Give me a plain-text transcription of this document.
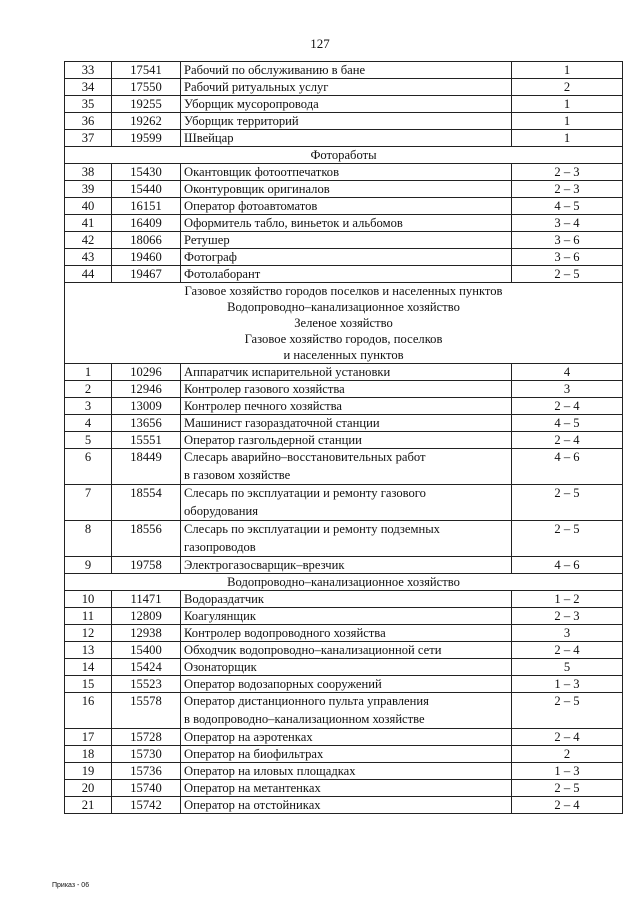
127
33	17541	Рабочий по обслуживанию в бане	1
34	17550	Рабочий ритуальных услуг	2
35	19255	Уборщик мусоропровода	1
36	19262	Уборщик территорий	1
37	19599	Швейцар	1

Фотоработы			

38	15430	Окантовщик фотоотпечатков	2 – 3
39	15440	Оконтуровщик оригиналов	2 – 3
40	16151	Оператор фотоавтоматов	4 – 5
41	16409	Оформитель табло, виньеток и альбомов	3 – 4
42	18066	Ретушер	3 – 6
43	19460	Фотограф	3 – 6
44	19467	Фотолаборант	2 – 5

Газовое хозяйство городов поселков и населенных пунктов
Водопроводно–канализационное хозяйство
Зеленое хозяйство
Газовое хозяйство городов, поселков
и населенных пунктов			

1	10296	Аппаратчик испарительной установки	4
2	12946	Контролер газового хозяйства	3
3	13009	Контролер печного хозяйства	2 – 4
4	13656	Машинист газораздаточной станции	4 – 5
5	15551	Оператор газгольдерной станции	2 – 4
6	18449	Слесарь аварийно–восстановительных работ
в газовом хозяйстве	4 – 6
7	18554	Слесарь по эксплуатации и ремонту газового
оборудования	2 – 5
8	18556	Слесарь по эксплуатации и ремонту подземных
газопроводов	2 – 5
9	19758	Электрогазосварщик–врезчик	4 – 6

Водопроводно–канализационное хозяйство			

10	11471	Водораздатчик	1 – 2
11	12809	Коагулянщик	2 – 3
12	12938	Контролер водопроводного хозяйства	3
13	15400	Обходчик водопроводно–канализационной сети	2 – 4
14	15424	Озонаторщик	5
15	15523	Оператор водозапорных сооружений	1 – 3
16	15578	Оператор дистанционного пульта управления
в водопроводно–канализационном хозяйстве	2 – 5
17	15728	Оператор на аэротенках	2 – 4
18	15730	Оператор на биофильтрах	2
19	15736	Оператор на иловых площадках	1 – 3
20	15740	Оператор на метантенках	2 – 5
21	15742	Оператор на отстойниках	2 – 4
Приказ - 06
